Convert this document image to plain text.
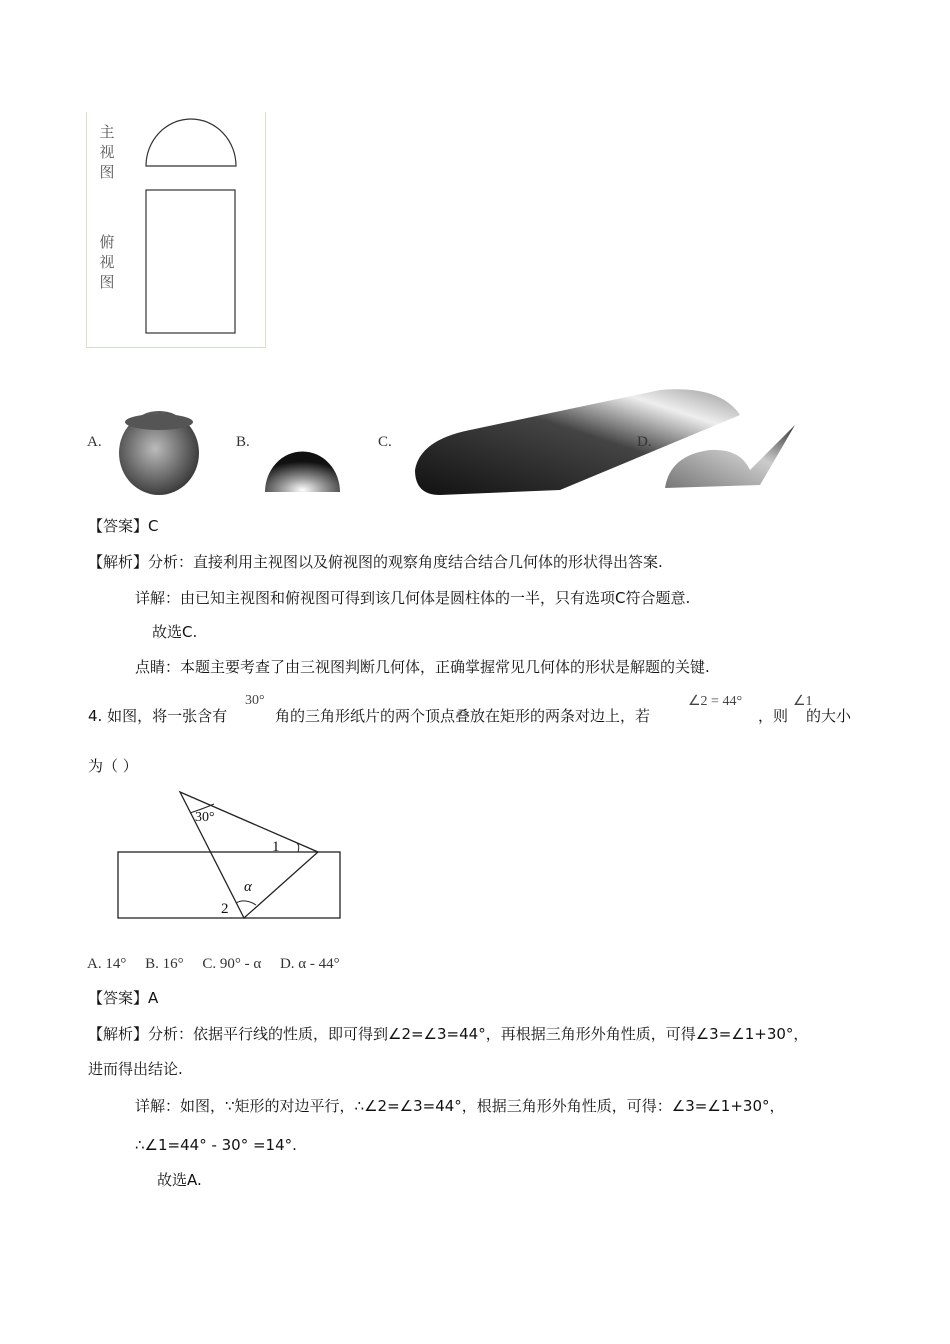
主视图
俯视图
30°
1
α
2
A.	B.	C.	D.
【答案】C
【解析】分析：直接利用主视图以及俯视图的观察角度结合结合几何体的形状得出答案.
详解：由已知主视图和俯视图可得到该几何体是圆柱体的一半，只有选项C符合题意.
故选C.
点睛：本题主要考查了由三视图判断几何体，正确掌握常见几何体的形状是解题的关键.
4. 如图，将一张含有
30°
角的三角形纸片的两个顶点叠放在矩形的两条对边上，若
∠2 = 44°
，则
∠1
的大小
为（ ）
A. 14°     B. 16°     C. 90° - α     D. α - 44°
【答案】A
【解析】分析：依据平行线的性质，即可得到∠2=∠3=44°，再根据三角形外角性质，可得∠3=∠1+30°，
进而得出结论.
详解：如图，∵矩形的对边平行，∴∠2=∠3=44°，根据三角形外角性质，可得：∠3=∠1+30°，
∴∠1=44° - 30° =14°.
故选A.
